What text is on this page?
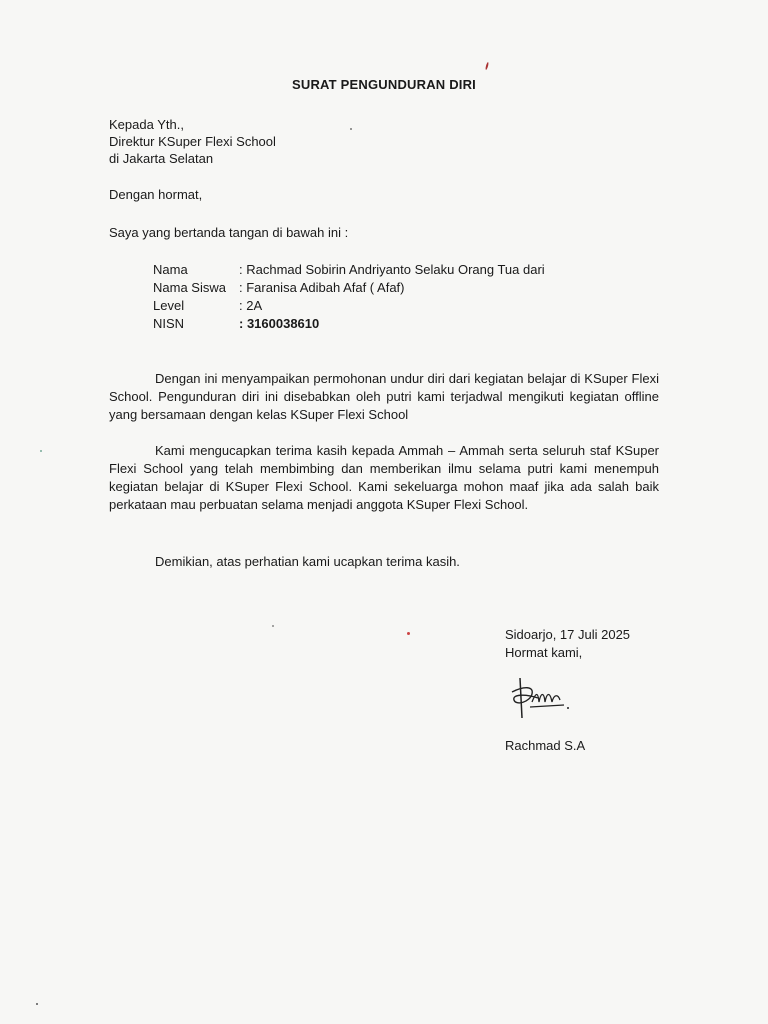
SURAT PENGUNDURAN DIRI
Kepada Yth.,
Direktur KSuper Flexi School
di Jakarta Selatan
Dengan hormat,
Saya yang bertanda tangan di bawah ini :
Nama	: Rachmad Sobirin Andriyanto Selaku Orang Tua dari
Nama Siswa	: Faranisa Adibah Afaf ( Afaf)
Level	: 2A
NISN	: 3160038610
Dengan ini menyampaikan permohonan undur diri dari kegiatan belajar di KSuper Flexi School. Pengunduran diri ini disebabkan oleh putri kami terjadwal mengikuti kegiatan offline yang bersamaan dengan kelas KSuper Flexi School
Kami mengucapkan terima kasih kepada Ammah – Ammah serta seluruh staf KSuper Flexi School yang telah membimbing dan memberikan ilmu selama putri kami menempuh kegiatan belajar di KSuper Flexi School. Kami sekeluarga mohon maaf jika ada salah baik perkataan mau perbuatan selama menjadi anggota KSuper Flexi School.
Demikian, atas perhatian kami ucapkan terima kasih.
Sidoarjo, 17 Juli 2025
Hormat kami,
Rachmad S.A
